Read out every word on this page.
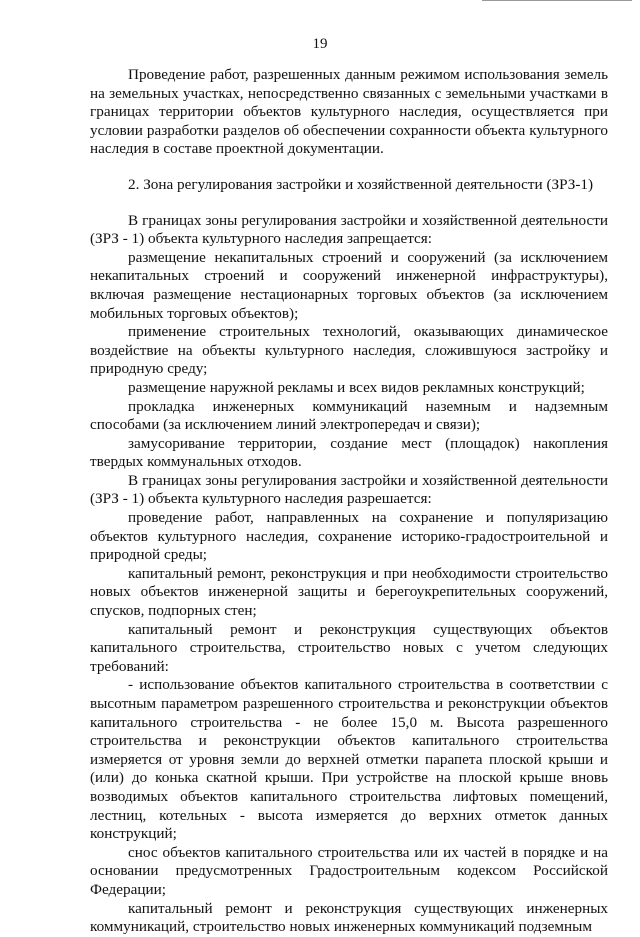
19

Проведение работ, разрешенных данным режимом использования земель на земельных участках, непосредственно связанных с земельными участками в границах территории объектов культурного наследия, осуществляется при условии разработки разделов об обеспечении сохранности объекта культурного наследия в составе проектной документации.

2. Зона регулирования застройки и хозяйственной деятельности (ЗРЗ-1)

В границах зоны регулирования застройки и хозяйственной деятельности (ЗРЗ - 1) объекта культурного наследия запрещается:

размещение некапитальных строений и сооружений (за исключением некапитальных строений и сооружений инженерной инфраструктуры), включая размещение нестационарных торговых объектов (за исключением мобильных торговых объектов);

применение строительных технологий, оказывающих динамическое воздействие на объекты культурного наследия, сложившуюся застройку и природную среду;

размещение наружной рекламы и всех видов рекламных конструкций;

прокладка инженерных коммуникаций наземным и надземным способами (за исключением линий электропередач и связи);

замусоривание территории, создание мест (площадок) накопления твердых коммунальных отходов.

В границах зоны регулирования застройки и хозяйственной деятельности (ЗРЗ - 1) объекта культурного наследия разрешается:

проведение работ, направленных на сохранение и популяризацию объектов культурного наследия, сохранение историко-градостроительной и природной среды;

капитальный ремонт, реконструкция и при необходимости строительство новых объектов инженерной защиты и берегоукрепительных сооружений, спусков, подпорных стен;

капитальный ремонт и реконструкция существующих объектов капитального строительства, строительство новых с учетом следующих требований:

- использование объектов капитального строительства в соответствии с высотным параметром разрешенного строительства и реконструкции объектов капитального строительства - не более 15,0 м. Высота разрешенного строительства и реконструкции объектов капитального строительства измеряется от уровня земли до верхней отметки парапета плоской крыши и (или) до конька скатной крыши. При устройстве на плоской крыше вновь возводимых объектов капитального строительства лифтовых помещений, лестниц, котельных - высота измеряется до верхних отметок данных конструкций;

снос объектов капитального строительства или их частей в порядке и на основании предусмотренных Градостроительным кодексом Российской Федерации;

капитальный ремонт и реконструкция существующих инженерных коммуникаций, строительство новых инженерных коммуникаций подземным
